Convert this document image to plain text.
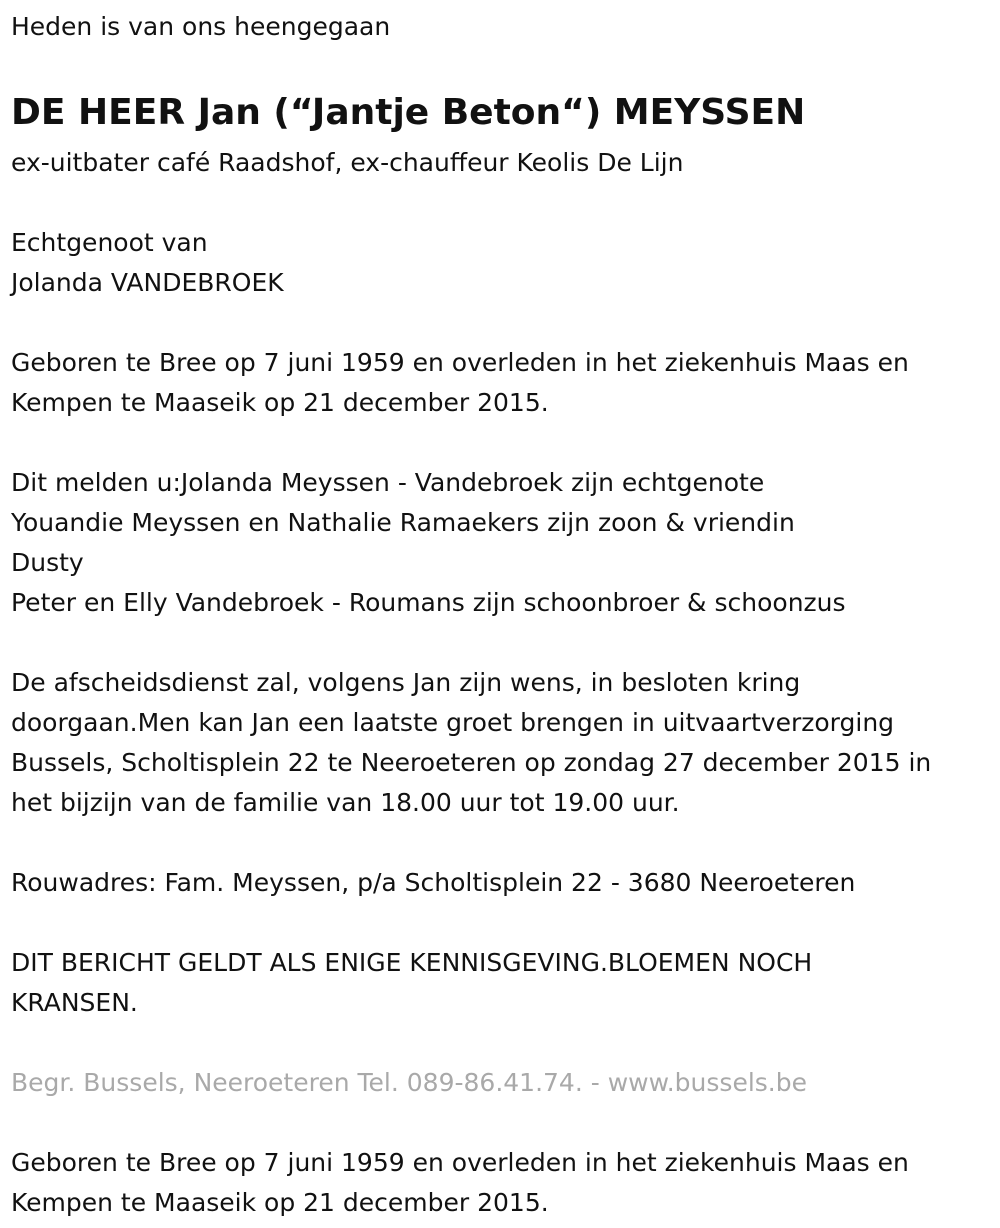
Heden is van ons heengegaan
DE HEER Jan (“Jantje Beton“) MEYSSEN
ex-uitbater café Raadshof, ex-chauffeur Keolis De Lijn
Echtgenoot van
Jolanda VANDEBROEK
Geboren te Bree op 7 juni 1959 en overleden in het ziekenhuis Maas en
Kempen te Maaseik op 21 december 2015.
Dit melden u:Jolanda Meyssen - Vandebroek zijn echtgenote
Youandie Meyssen en Nathalie Ramaekers zijn zoon & vriendin
Dusty
Peter en Elly Vandebroek - Roumans zijn schoonbroer & schoonzus
De afscheidsdienst zal, volgens Jan zijn wens, in besloten kring
doorgaan.Men kan Jan een laatste groet brengen in uitvaartverzorging
Bussels, Scholtisplein 22 te Neeroeteren op zondag 27 december 2015 in
het bijzijn van de familie van 18.00 uur tot 19.00 uur.
Rouwadres: Fam. Meyssen, p/a Scholtisplein 22 - 3680 Neeroeteren
DIT BERICHT GELDT ALS ENIGE KENNISGEVING.BLOEMEN NOCH
KRANSEN.
Begr. Bussels, Neeroeteren Tel. 089-86.41.74. - www.bussels.be
Geboren te Bree op 7 juni 1959 en overleden in het ziekenhuis Maas en
Kempen te Maaseik op 21 december 2015.
